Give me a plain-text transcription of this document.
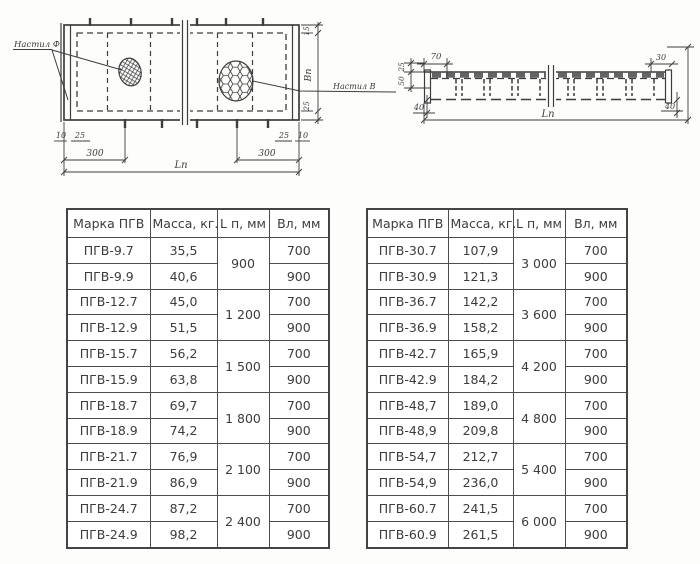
Настил Ф
Настил В
Вп
15
25
10 25	25 10
300	300
Lп
70
25
50
40
30
40
Lп
Марка ПГВ	Масса, кг.	L п, мм	Вл, мм
ПГВ-9.7	35,5	900	700
ПГВ-9.9	40,6		900
ПГВ-12.7	45,0	1 200	700
ПГВ-12.9	51,5		900
ПГВ-15.7	56,2	1 500	700
ПГВ-15.9	63,8		900
ПГВ-18.7	69,7	1 800	700
ПГВ-18.9	74,2		900
ПГВ-21.7	76,9	2 100	700
ПГВ-21.9	86,9		900
ПГВ-24.7	87,2	2 400	700
ПГВ-24.9	98,2		900
Марка ПГВ	Масса, кг.	L п, мм	Вл, мм
ПГВ-30.7	107,9	3 000	700
ПГВ-30.9	121,3		900
ПГВ-36.7	142,2	3 600	700
ПГВ-36.9	158,2		900
ПГВ-42.7	165,9	4 200	700
ПГВ-42.9	184,2		900
ПГВ-48,7	189,0	4 800	700
ПГВ-48,9	209,8		900
ПГВ-54,7	212,7	5 400	700
ПГВ-54,9	236,0		900
ПГВ-60.7	241,5	6 000	700
ПГВ-60.9	261,5		900
